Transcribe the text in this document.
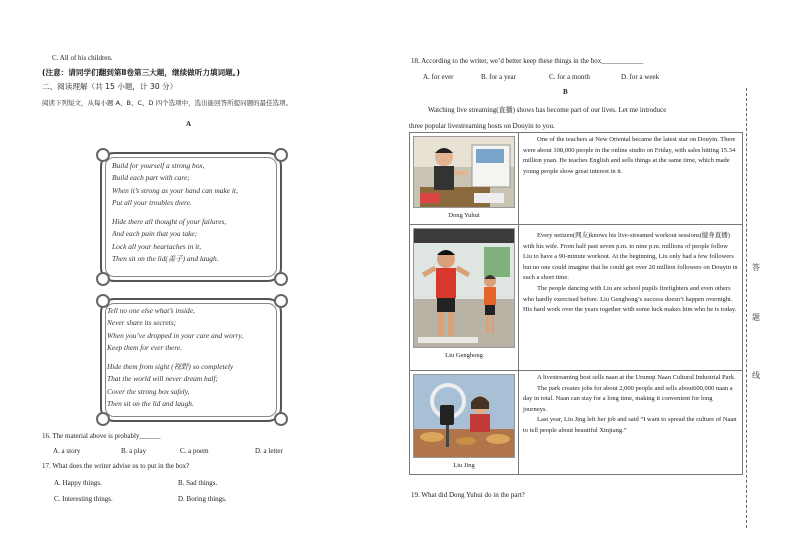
C. All of his children.
(注意：请同学们翻到第Ⅱ卷第三大题，继续做听力填词题。)
二、阅读理解（共 15 小题，计 30 分）
阅读下列短文，从每小题 A、B、C、D 四个选项中，选出能回答所提问题的最佳选项。
A
Build for yourself a strong box,
Build each part with care;
When it’s strong as your hand can make it,
Put all your troubles there.
Hide there all thought of your failures,
And each pain that you take;
Lock all your heartaches in it,
Then sit on the lid(盖子) and laugh.
Tell no one else what’s inside,
Never share its secrets;
When you’ve dropped in your care and worry,
Keep them for ever there.
Hide them from sight (视野) so completely
That the world will never dream half;
Cover the strong box safely,
Then sit on the lid and laugh.
16. The material above is probably______
A. a story	B. a play	C. a poem	D. a letter
17. What does the writer advise us to put in the box?
A. Happy things.	B. Sad things.
C. Interesting things.	D. Boring things.
18. According to the writer, we’d better keep these things in the box____________
A. for ever	B. for a year	C. for a month	D. for a week
B
Watching live streaming(直播) shows has become part of our lives. Let me introduce
three popular livestreaming hosts on Douyin to you.
Dong Yuhui	One of the teachers at New Oriental became the latest star on Douyin. There were about 108,000 people in the online studio on Friday, with sales hitting 15.34 million yuan. He teaches English and sells things at the same time, which made young people show great interest in it.

Liu Genghong	Every netizen(网友)knows his live-streamed workout sessions(健身直播) with his wife. From half past seven p.m. to nine p.m. millions of people follow Liu to have a 90-minute workout. At the beginning, Liu only had a few followers but no one could imagine that he could get over 20 million followers on Douyin in such a short time.

The people dancing with Liu are school pupils firefighters and even others who hardly exercised before. Liu Genghong’s success doesn’t happen overnight. His hard work over the years together with some luck makes him who he is today.

Liu Jing	A livestreaming host sells naan at the Urumqi Naan Cultural Industrial Park.

The park creates jobs for about 2,000 people and sells about600,000 naan a day in total. Naan can stay for a long time, making it convenient for long journeys.

Last year, Liu Jing left her job and said “I want to spread the culture of Naan to tell people about beautiful Xinjiang.”

19. What did Dong Yuhui do in the part?
答
题
线
